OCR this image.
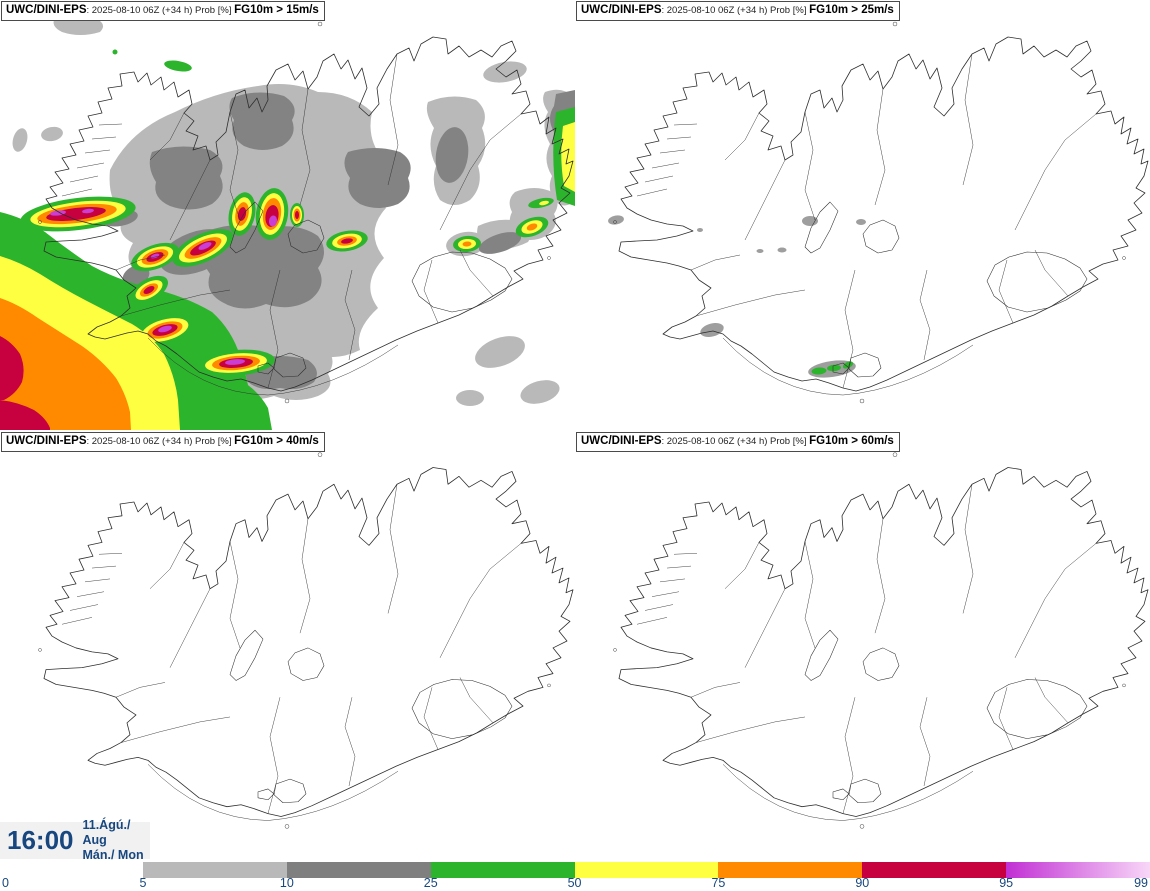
UWC/DINI-EPS: 2025-08-10 06Z (+34 h) Prob [%] FG10m > 15m/s	UWC/DINI-EPS: 2025-08-10 06Z (+34 h) Prob [%] FG10m > 25m/s
UWC/DINI-EPS: 2025-08-10 06Z (+34 h) Prob [%] FG10m > 40m/s	UWC/DINI-EPS: 2025-08-10 06Z (+34 h) Prob [%] FG10m > 60m/s
16:00 11.Ágú./ Aug
Mán./ Mon
0	5	10	25	50	75	90	95	99
